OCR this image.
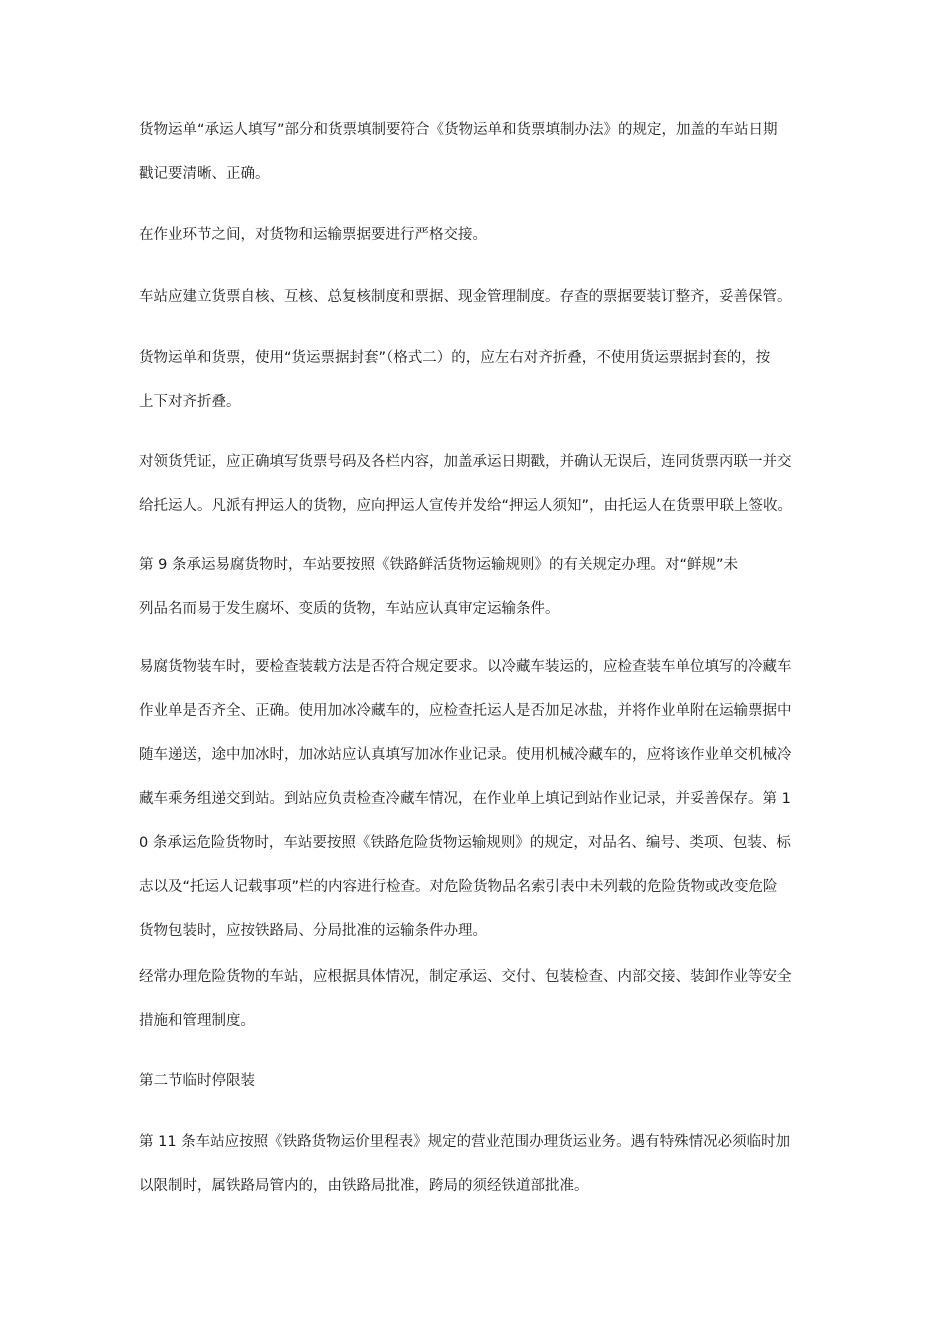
货物运单“承运人填写”部分和货票填制要符合《货物运单和货票填制办法》的规定，加盖的车站日期
戳记要清晰、正确。

在作业环节之间，对货物和运输票据要进行严格交接。

车站应建立货票自核、互核、总复核制度和票据、现金管理制度。存查的票据要装订整齐，妥善保管。

货物运单和货票，使用“货运票据封套”（格式二）的，应左右对齐折叠，不使用货运票据封套的，按
上下对齐折叠。

对领货凭证，应正确填写货票号码及各栏内容，加盖承运日期戳，并确认无误后，连同货票丙联一并交
给托运人。凡派有押运人的货物，应向押运人宣传并发给“押运人须知”，由托运人在货票甲联上签收。

第 9 条承运易腐货物时，车站要按照《铁路鲜活货物运输规则》的有关规定办理。对“鲜规”未
列品名而易于发生腐坏、变质的货物，车站应认真审定运输条件。

易腐货物装车时，要检查装载方法是否符合规定要求。以冷藏车装运的，应检查装车单位填写的冷藏车
作业单是否齐全、正确。使用加冰冷藏车的，应检查托运人是否加足冰盐，并将作业单附在运输票据中
随车递送，途中加冰时，加冰站应认真填写加冰作业记录。使用机械冷藏车的，应将该作业单交机械冷
藏车乘务组递交到站。到站应负责检查冷藏车情况，在作业单上填记到站作业记录，并妥善保存。第 1
0 条承运危险货物时，车站要按照《铁路危险货物运输规则》的规定，对品名、编号、类项、包装、标
志以及“托运人记载事项”栏的内容进行检查。对危险货物品名索引表中未列载的危险货物或改变危险
货物包装时，应按铁路局、分局批准的运输条件办理。

经常办理危险货物的车站，应根据具体情况，制定承运、交付、包装检查、内部交接、装卸作业等安全
措施和管理制度。

第二节临时停限装

第 11 条车站应按照《铁路货物运价里程表》规定的营业范围办理货运业务。遇有特殊情况必须临时加
以限制时，属铁路局管内的，由铁路局批准，跨局的须经铁道部批准。
